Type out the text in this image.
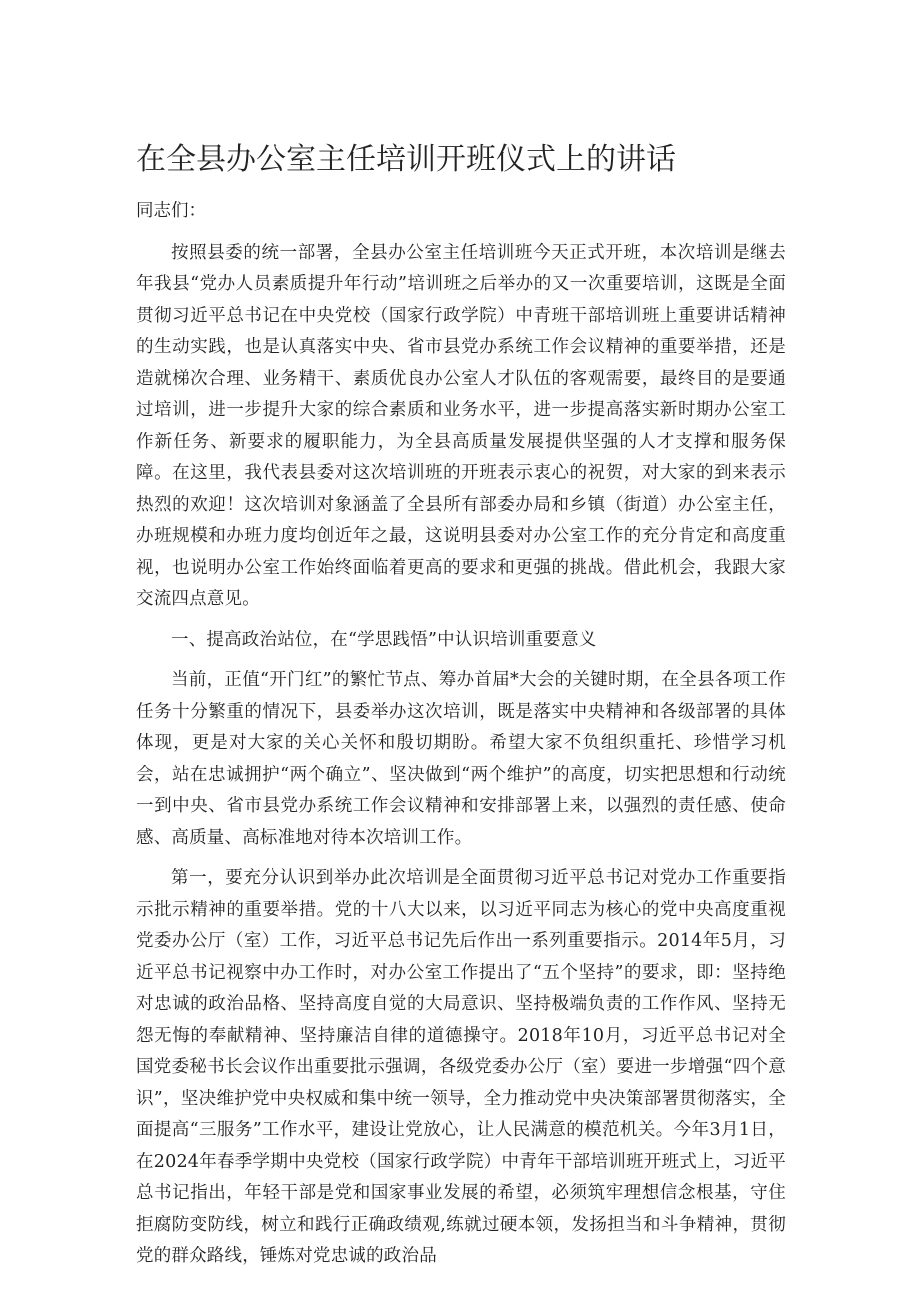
在全县办公室主任培训开班仪式上的讲话

同志们：

按照县委的统一部署，全县办公室主任培训班今天正式开班，本次培训是继去年我县“党办人员素质提升年行动”培训班之后举办的又一次重要培训，这既是全面贯彻习近平总书记在中央党校（国家行政学院）中青班干部培训班上重要讲话精神的生动实践，也是认真落实中央、省市县党办系统工作会议精神的重要举措，还是造就梯次合理、业务精干、素质优良办公室人才队伍的客观需要，最终目的是要通过培训，进一步提升大家的综合素质和业务水平，进一步提高落实新时期办公室工作新任务、新要求的履职能力，为全县高质量发展提供坚强的人才支撑和服务保障。在这里，我代表县委对这次培训班的开班表示衷心的祝贺，对大家的到来表示热烈的欢迎！这次培训对象涵盖了全县所有部委办局和乡镇（街道）办公室主任，办班规模和办班力度均创近年之最，这说明县委对办公室工作的充分肯定和高度重视，也说明办公室工作始终面临着更高的要求和更强的挑战。借此机会，我跟大家交流四点意见。

一、提高政治站位，在“学思践悟”中认识培训重要意义

当前，正值“开门红”的繁忙节点、筹办首届*大会的关键时期，在全县各项工作任务十分繁重的情况下，县委举办这次培训，既是落实中央精神和各级部署的具体体现，更是对大家的关心关怀和殷切期盼。希望大家不负组织重托、珍惜学习机会，站在忠诚拥护“两个确立”、坚决做到“两个维护”的高度，切实把思想和行动统一到中央、省市县党办系统工作会议精神和安排部署上来，以强烈的责任感、使命感、高质量、高标准地对待本次培训工作。

第一，要充分认识到举办此次培训是全面贯彻习近平总书记对党办工作重要指示批示精神的重要举措。党的十八大以来，以习近平同志为核心的党中央高度重视党委办公厅（室）工作，习近平总书记先后作出一系列重要指示。2014年5月，习近平总书记视察中办工作时，对办公室工作提出了“五个坚持”的要求，即：坚持绝对忠诚的政治品格、坚持高度自觉的大局意识、坚持极端负责的工作作风、坚持无怨无悔的奉献精神、坚持廉洁自律的道德操守。2018年10月，习近平总书记对全国党委秘书长会议作出重要批示强调，各级党委办公厅（室）要进一步增强“四个意识”，坚决维护党中央权威和集中统一领导，全力推动党中央决策部署贯彻落实，全面提高“三服务”工作水平，建设让党放心，让人民满意的模范机关。今年3月1日，在2024年春季学期中央党校（国家行政学院）中青年干部培训班开班式上，习近平总书记指出，年轻干部是党和国家事业发展的希望，必须筑牢理想信念根基，守住拒腐防变防线，树立和践行正确政绩观,练就过硬本领，发扬担当和斗争精神，贯彻党的群众路线，锤炼对党忠诚的政治品
